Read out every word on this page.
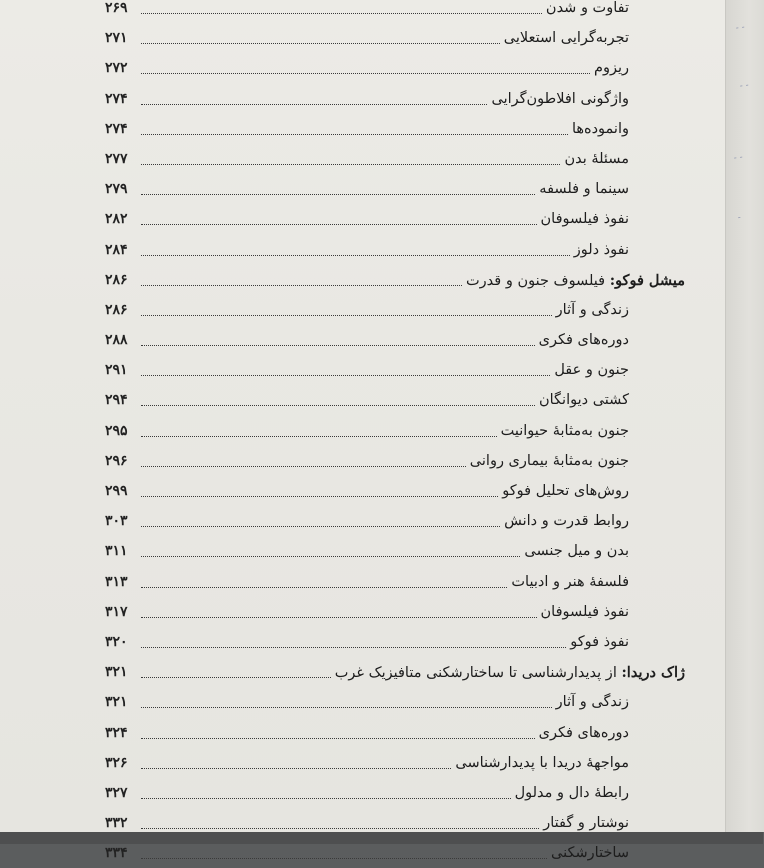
۲۶۹	تفاوت و شدن
۲۷۱	تجربه‌گرایی استعلایی
۲۷۲	ریزوم
۲۷۴	واژگونی افلاطون‌گرایی
۲۷۴	وانموده‌ها
۲۷۷	مسئلهٔ بدن
۲۷۹	سینما و فلسفه
۲۸۲	نفوذ فیلسوفان
۲۸۴	نفوذ دلوز
۲۸۶	میشل فوکو: فیلسوف جنون و قدرت
۲۸۶	زندگی و آثار
۲۸۸	دوره‌های فکری
۲۹۱	جنون و عقل
۲۹۴	کشتی دیوانگان
۲۹۵	جنون به‌مثابهٔ حیوانیت
۲۹۶	جنون به‌مثابهٔ بیماری روانی
۲۹۹	روش‌های تحلیل فوکو
۳۰۳	روابط قدرت و دانش
۳۱۱	بدن و میل جنسی
۳۱۳	فلسفهٔ هنر و ادبیات
۳۱۷	نفوذ فیلسوفان
۳۲۰	نفوذ فوکو
۳۲۱	ژاک دریدا: از پدیدارشناسی تا ساختارشکنی متافیزیک غرب
۳۲۱	زندگی و آثار
۳۲۴	دوره‌های فکری
۳۲۶	مواجههٔ دریدا با پدیدارشناسی
۳۲۷	رابطهٔ دال و مدلول
۳۳۲	نوشتار و گفتار
۳۳۴	ساختارشکنی
۔۔
۔۔
۔۔
۔
